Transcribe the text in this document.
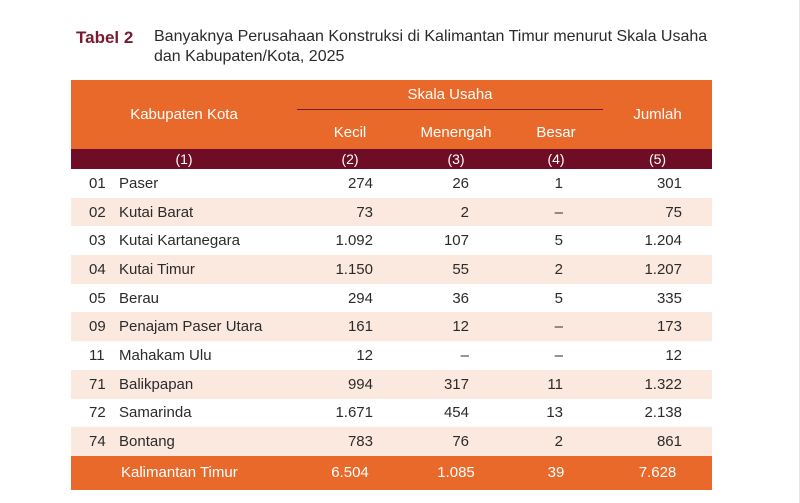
Tabel 2 Banyaknya Perusahaan Konstruksi di Kalimantan Timur menurut Skala Usaha dan Kabupaten/Kota, 2025
Kabupaten Kota	Skala Usaha			Jumlah
	Kecil	Menengah	Besar	
(1)	(2)	(3)	(4)	(5)
01 Paser	274	26	1	301
02 Kutai Barat	73	2	–	75
03 Kutai Kartanegara	1.092	107	5	1.204
04 Kutai Timur	1.150	55	2	1.207
05 Berau	294	36	5	335
09 Penajam Paser Utara	161	12	–	173
11 Mahakam Ulu	12	–	–	12
71 Balikpapan	994	317	11	1.322
72 Samarinda	1.671	454	13	2.138
74 Bontang	783	76	2	861
Kalimantan Timur	6.504	1.085	39	7.628
